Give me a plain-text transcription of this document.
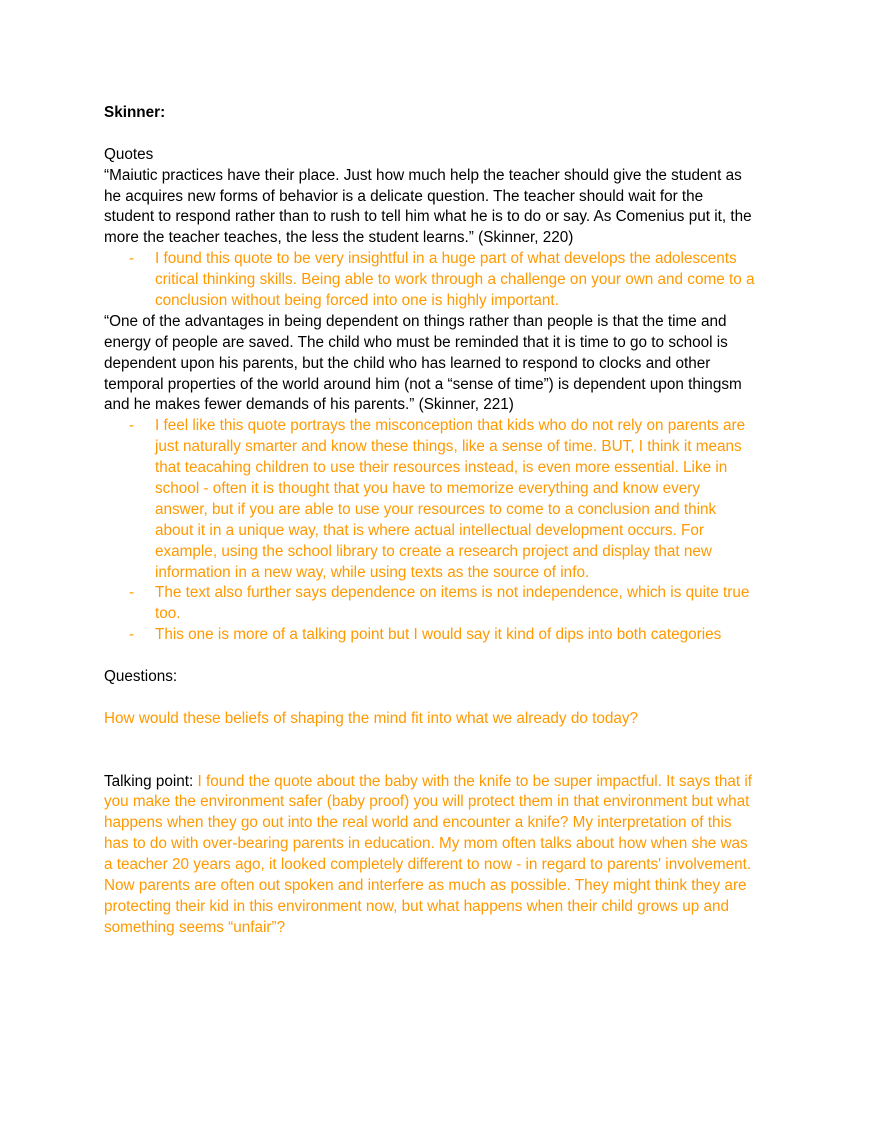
Skinner:
Quotes
“Maiutic practices have their place. Just how much help the teacher should give the student as
he acquires new forms of behavior is a delicate question. The teacher should wait for the
student to respond rather than to rush to tell him what he is to do or say. As Comenius put it, the
more the teacher teaches, the less the student learns.” (Skinner, 220)
- I found this quote to be very insightful in a huge part of what develops the adolescents
critical thinking skills. Being able to work through a challenge on your own and come to a
conclusion without being forced into one is highly important.
“One of the advantages in being dependent on things rather than people is that the time and
energy of people are saved. The child who must be reminded that it is time to go to school is
dependent upon his parents, but the child who has learned to respond to clocks and other
temporal properties of the world around him (not a “sense of time”) is dependent upon thingsm
and he makes fewer demands of his parents.” (Skinner, 221)
- I feel like this quote portrays the misconception that kids who do not rely on parents are
just naturally smarter and know these things, like a sense of time. BUT, I think it means
that teacahing children to use their resources instead, is even more essential. Like in
school - often it is thought that you have to memorize everything and know every
answer, but if you are able to use your resources to come to a conclusion and think
about it in a unique way, that is where actual intellectual development occurs. For
example, using the school library to create a research project and display that new
information in a new way, while using texts as the source of info.
- The text also further says dependence on items is not independence, which is quite true
too.
- This one is more of a talking point but I would say it kind of dips into both categories
Questions:
How would these beliefs of shaping the mind fit into what we already do today?
Talking point: I found the quote about the baby with the knife to be super impactful. It says that if
you make the environment safer (baby proof) you will protect them in that environment but what
happens when they go out into the real world and encounter a knife? My interpretation of this
has to do with over-bearing parents in education. My mom often talks about how when she was
a teacher 20 years ago, it looked completely different to now - in regard to parents' involvement.
Now parents are often out spoken and interfere as much as possible. They might think they are
protecting their kid in this environment now, but what happens when their child grows up and
something seems “unfair”?
